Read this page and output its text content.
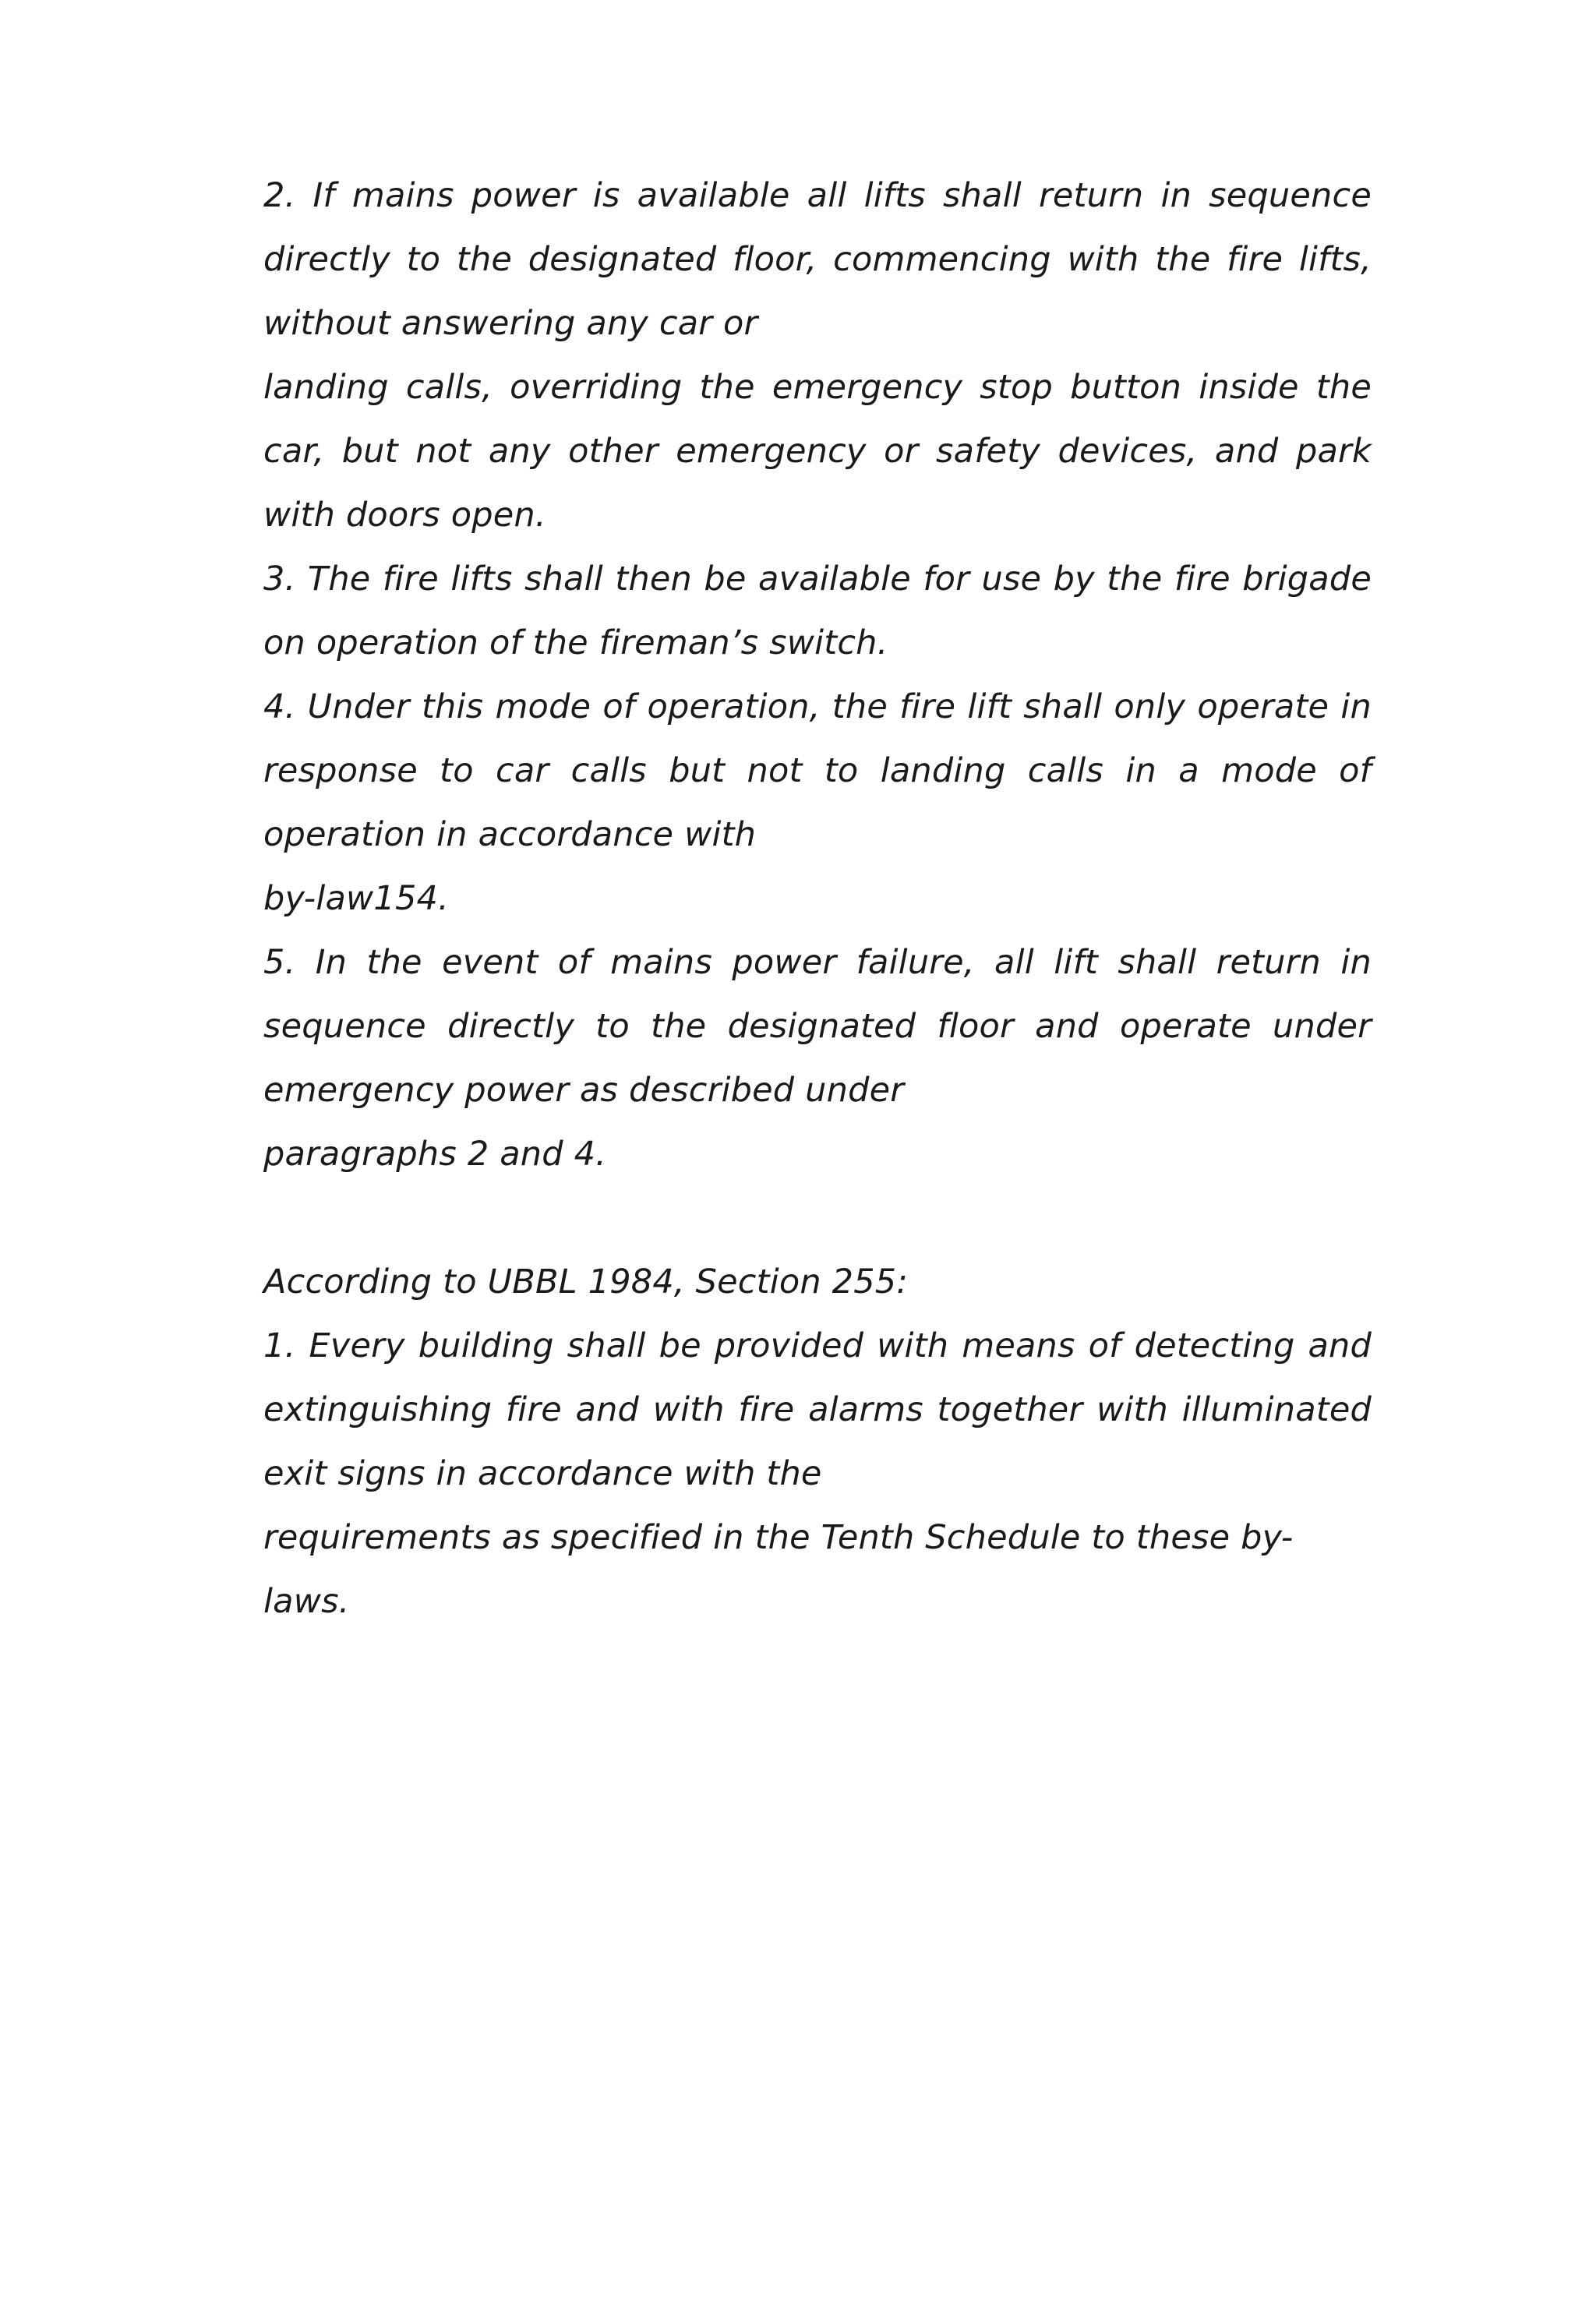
2. If mains power is available all lifts shall return in sequence directly to the designated floor, commencing with the fire lifts, without answering any car or

landing calls, overriding the emergency stop button inside the car, but not any other emergency or safety devices, and park with doors open.

3. The fire lifts shall then be available for use by the fire brigade on operation of the fireman’s switch.

4. Under this mode of operation, the fire lift shall only operate in response to car calls but not to landing calls in a mode of operation in accordance with

by-law154.

5. In the event of mains power failure, all lift shall return in sequence directly to the designated floor and operate under emergency power as described under

paragraphs 2 and 4.

According to UBBL 1984, Section 255:

1. Every building shall be provided with means of detecting and extinguishing fire and with fire alarms together with illuminated exit signs in accordance with the

requirements as specified in the Tenth Schedule to these by-laws.
